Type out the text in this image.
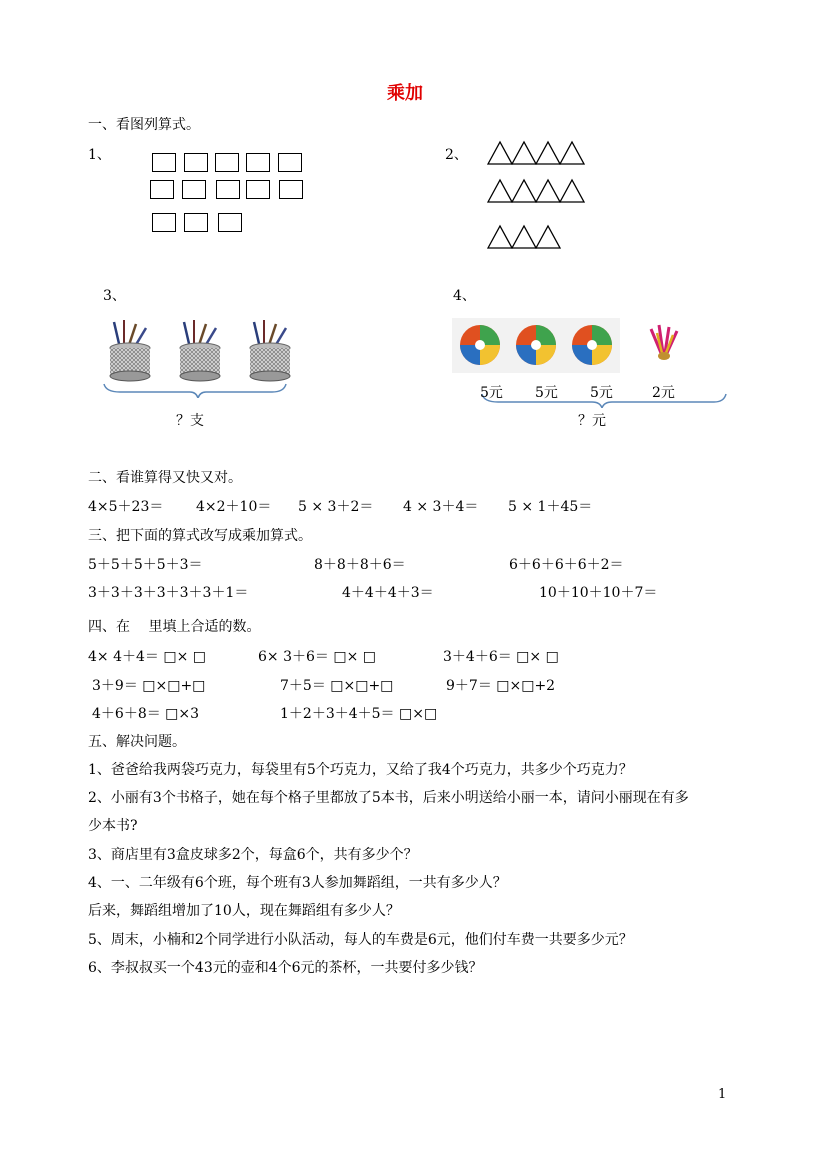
乘加
一、看图列算式。
1、	2、
3、
？支
4、
5元 5元 5元	2元
？元
二、看谁算得又快又对。
4×5＋23＝ 4×2＋10＝ 5 × 3＋2＝ 4 × 3＋4＝ 5 × 1＋45＝
三、把下面的算式改写成乘加算式。
5＋5＋5＋5＋3＝	8＋8＋8＋6＝	6＋6＋6＋6＋2＝
3＋3＋3＋3＋3＋3＋1＝	4＋4＋4＋3＝	10＋10＋10＋7＝
四、在　 里填上合适的数。
4× 4＋4＝ □× □	6× 3＋6＝ □× □	3＋4＋6＝ □× □
3＋9＝ □×□+□	7＋5＝ □×□+□	9＋7＝ □×□+2
4＋6＋8＝ □×3	1＋2＋3＋4＋5＝ □×□
五、解决问题。
1、爸爸给我两袋巧克力，每袋里有5个巧克力，又给了我4个巧克力，共多少个巧克力？
2、小丽有3个书格子，她在每个格子里都放了5本书，后来小明送给小丽一本，请问小丽现在有多
少本书?
3、商店里有3盒皮球多2个，每盒6个，共有多少个？
4、一、二年级有6个班，每个班有3人参加舞蹈组，一共有多少人？
后来，舞蹈组增加了10人，现在舞蹈组有多少人？
5、周末，小楠和2个同学进行小队活动，每人的车费是6元，他们付车费一共要多少元？
6、李叔叔买一个43元的壶和4个6元的茶杯，一共要付多少钱？
1
